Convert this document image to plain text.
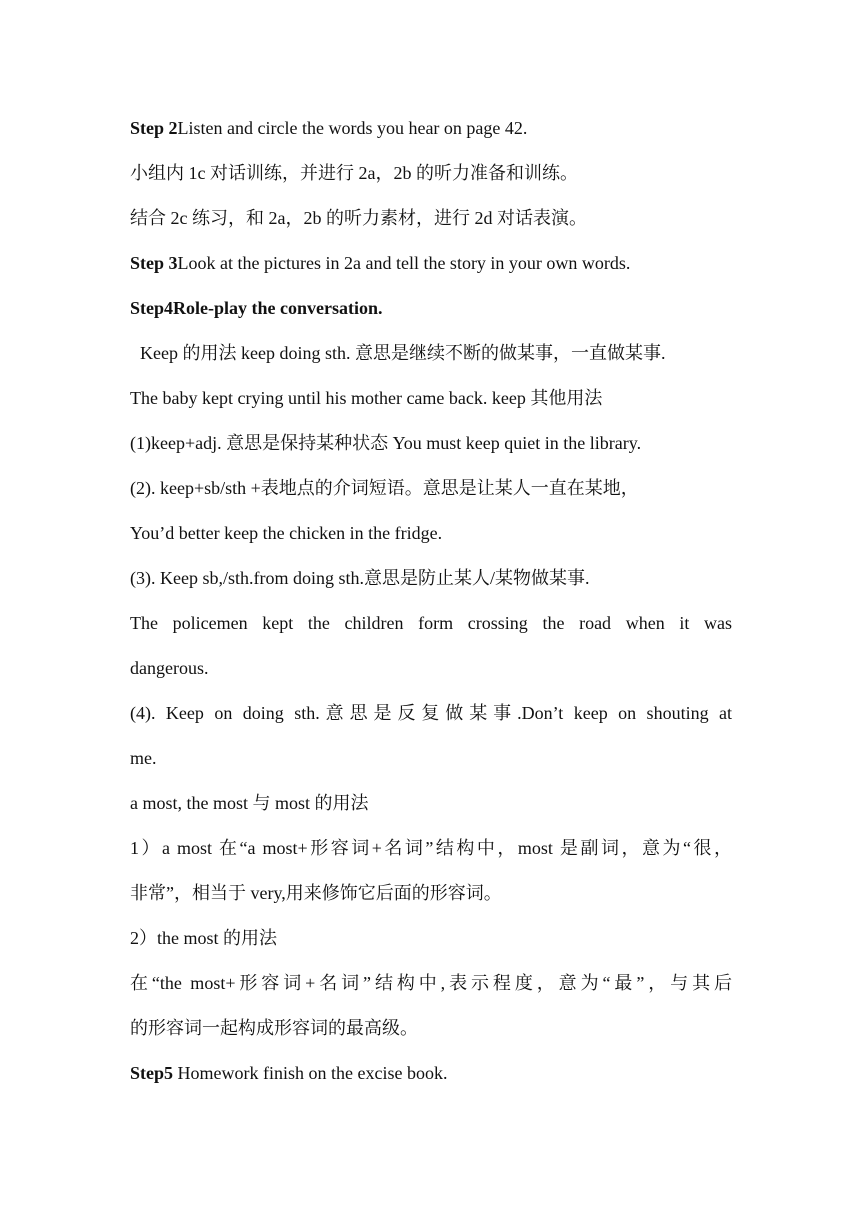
Step 2Listen and circle the words you hear on page 42.
小组内 1c 对话训练，并进行 2a，2b 的听力准备和训练。
结合 2c 练习，和 2a，2b 的听力素材，进行 2d 对话表演。
Step 3Look at the pictures in 2a and tell the story in your own words.
Step4Role-play the conversation.
Keep 的用法 keep doing sth. 意思是继续不断的做某事，一直做某事.
The baby kept crying until his mother came back. keep 其他用法
(1)keep+adj. 意思是保持某种状态 You must keep quiet in the library.
(2). keep+sb/sth +表地点的介词短语。意思是让某人一直在某地，
You’d better keep the chicken in the fridge.
(3). Keep sb,/sth.from doing sth.意思是防止某人/某物做某事.
The policemen kept the children form crossing the road when it was
dangerous.
(4). Keep on doing sth.意思是反复做某事.Don’t keep on shouting at
me.
a most, the most 与 most 的用法
1）a most 在“a most+形容词+名词”结构中，most 是副词，意为“很，
非常”，相当于 very,用来修饰它后面的形容词。
2）the most 的用法
在“the most+形容词+名词”结构中,表示程度，意为“最”，与其后
的形容词一起构成形容词的最高级。
Step5 Homework finish on the excise book.
